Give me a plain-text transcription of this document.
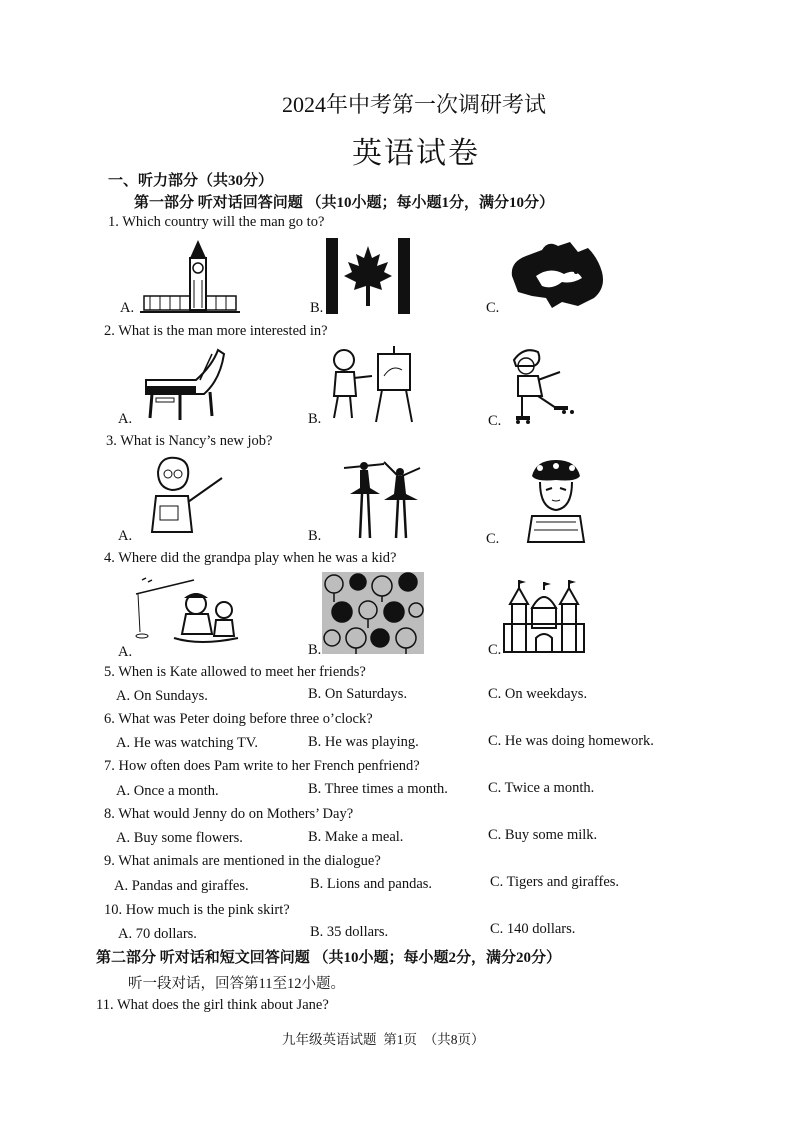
2024年中考第一次调研考试
英语试卷
一、听力部分（共30分）
第一部分 听对话回答问题 （共10小题；每小题1分，满分10分）
1. Which country will the man go to?
A.	B.	C.
2. What is the man more interested in?
A.	B.	C.
3. What is Nancy’s new job?
A.	B.	C.
4. Where did the grandpa play when he was a kid?
A.	B.	C.
5. When is Kate allowed to meet her friends?
A. On Sundays.	B. On Saturdays.	C. On weekdays.
6. What was Peter doing before three o’clock?
A. He was watching TV.	B. He was playing.	C. He was doing homework.
7. How often does Pam write to her French penfriend?
A. Once a month.	B. Three times a month.	C. Twice a month.
8. What would Jenny do on Mothers’ Day?
A. Buy some flowers.	B. Make a meal.	C. Buy some milk.
9. What animals are mentioned in the dialogue?
A. Pandas and giraffes.	B. Lions and pandas.	C. Tigers and giraffes.
10. How much is the pink skirt?
A. 70 dollars.	B. 35 dollars.	C. 140 dollars.
第二部分 听对话和短文回答问题 （共10小题；每小题2分，满分20分）
听一段对话，回答第11至12小题。
11. What does the girl think about Jane?
九年级英语试题  第1页  （共8页）
